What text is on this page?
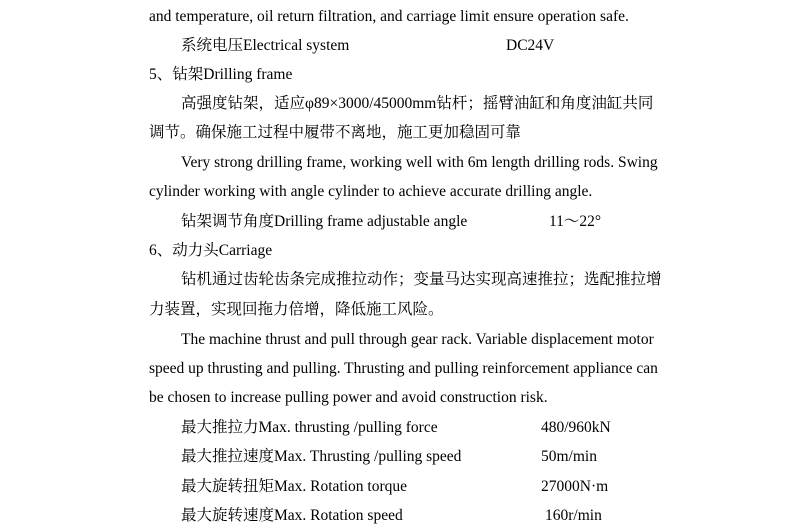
and temperature, oil return filtration, and carriage limit ensure operation safe.
系统电压Electrical system	DC24V
5、钻架Drilling frame
高强度钻架，适应φ89×3000/45000mm钻杆；摇臂油缸和角度油缸共同
调节。确保施工过程中履带不离地，施工更加稳固可靠
Very strong drilling frame, working well with 6m length drilling rods. Swing
cylinder working with angle cylinder to achieve accurate drilling angle.
钻架调节角度Drilling frame adjustable angle	11～22°
6、动力头Carriage
钻机通过齿轮齿条完成推拉动作；变量马达实现高速推拉；选配推拉增
力装置，实现回拖力倍增，降低施工风险。
The machine thrust and pull through gear rack. Variable displacement motor
speed up thrusting and pulling. Thrusting and pulling reinforcement appliance can
be chosen to increase pulling power and avoid construction risk.
最大推拉力Max. thrusting /pulling force	480/960kN
最大推拉速度Max. Thrusting /pulling speed	50m/min
最大旋转扭矩Max. Rotation torque	27000N·m
最大旋转速度Max. Rotation speed	160r/min
